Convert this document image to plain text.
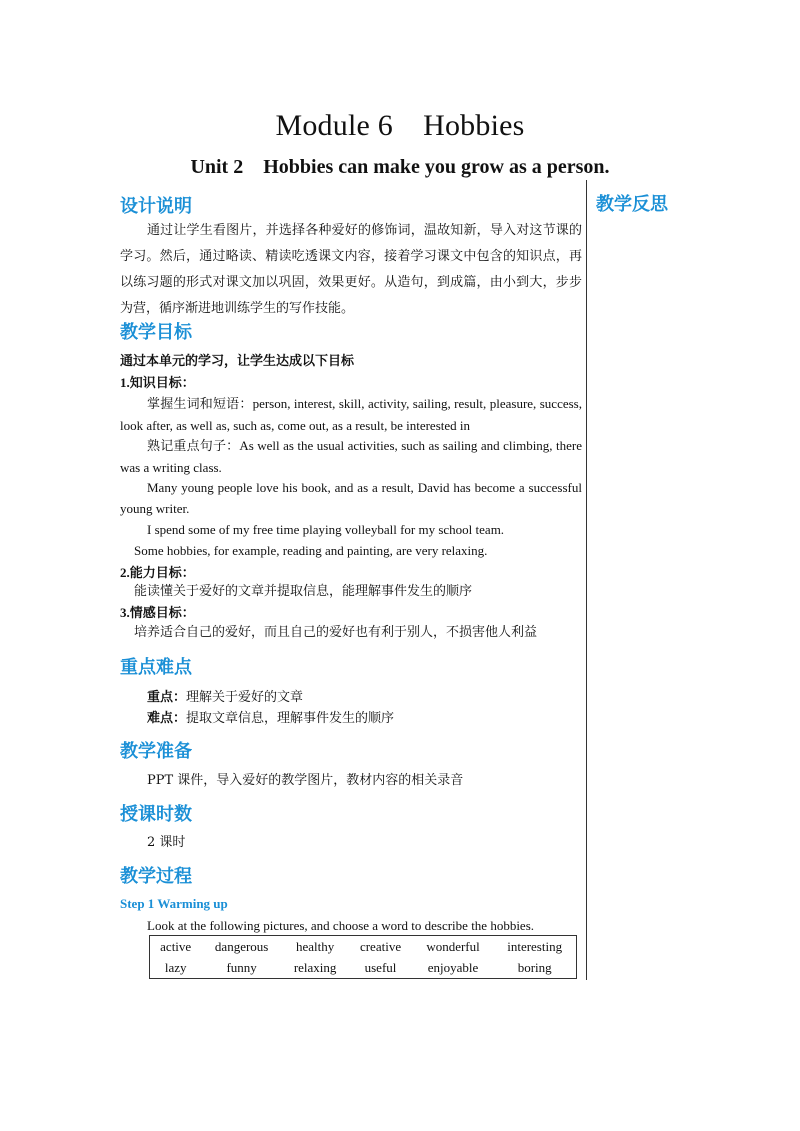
Module 6　Hobbies
Unit 2　Hobbies can make you grow as a person.
教学反思
设计说明
通过让学生看图片，并选择各种爱好的修饰词，温故知新，导入对这节课的学习。然后，通过略读、精读吃透课文内容，接着学习课文中包含的知识点，再以练习题的形式对课文加以巩固，效果更好。从造句，到成篇，由小到大，步步为营，循序渐进地训练学生的写作技能。
教学目标
通过本单元的学习，让学生达成以下目标
1.知识目标：
掌握生词和短语：person, interest, skill, activity, sailing, result, pleasure, success, look after, as well as, such as, come out, as a result, be interested in
熟记重点句子：As well as the usual activities, such as sailing and climbing, there was a writing class.
Many young people love his book, and as a result, David has become a successful young writer.
I spend some of my free time playing volleyball for my school team.
Some hobbies, for example, reading and painting, are very relaxing.
2.能力目标：
能读懂关于爱好的文章并提取信息，能理解事件发生的顺序
3.情感目标：
培养适合自己的爱好，而且自己的爱好也有利于别人，不损害他人利益
重点难点
重点：理解关于爱好的文章
难点：提取文章信息，理解事件发生的顺序
教学准备
PPT 课件，导入爱好的教学图片，教材内容的相关录音
授课时数
2 课时
教学过程
Step 1 Warming up
Look at the following pictures, and choose a word to describe the hobbies.
active	dangerous	healthy	creative	wonderful	interesting
lazy	funny	relaxing	useful	enjoyable	boring
